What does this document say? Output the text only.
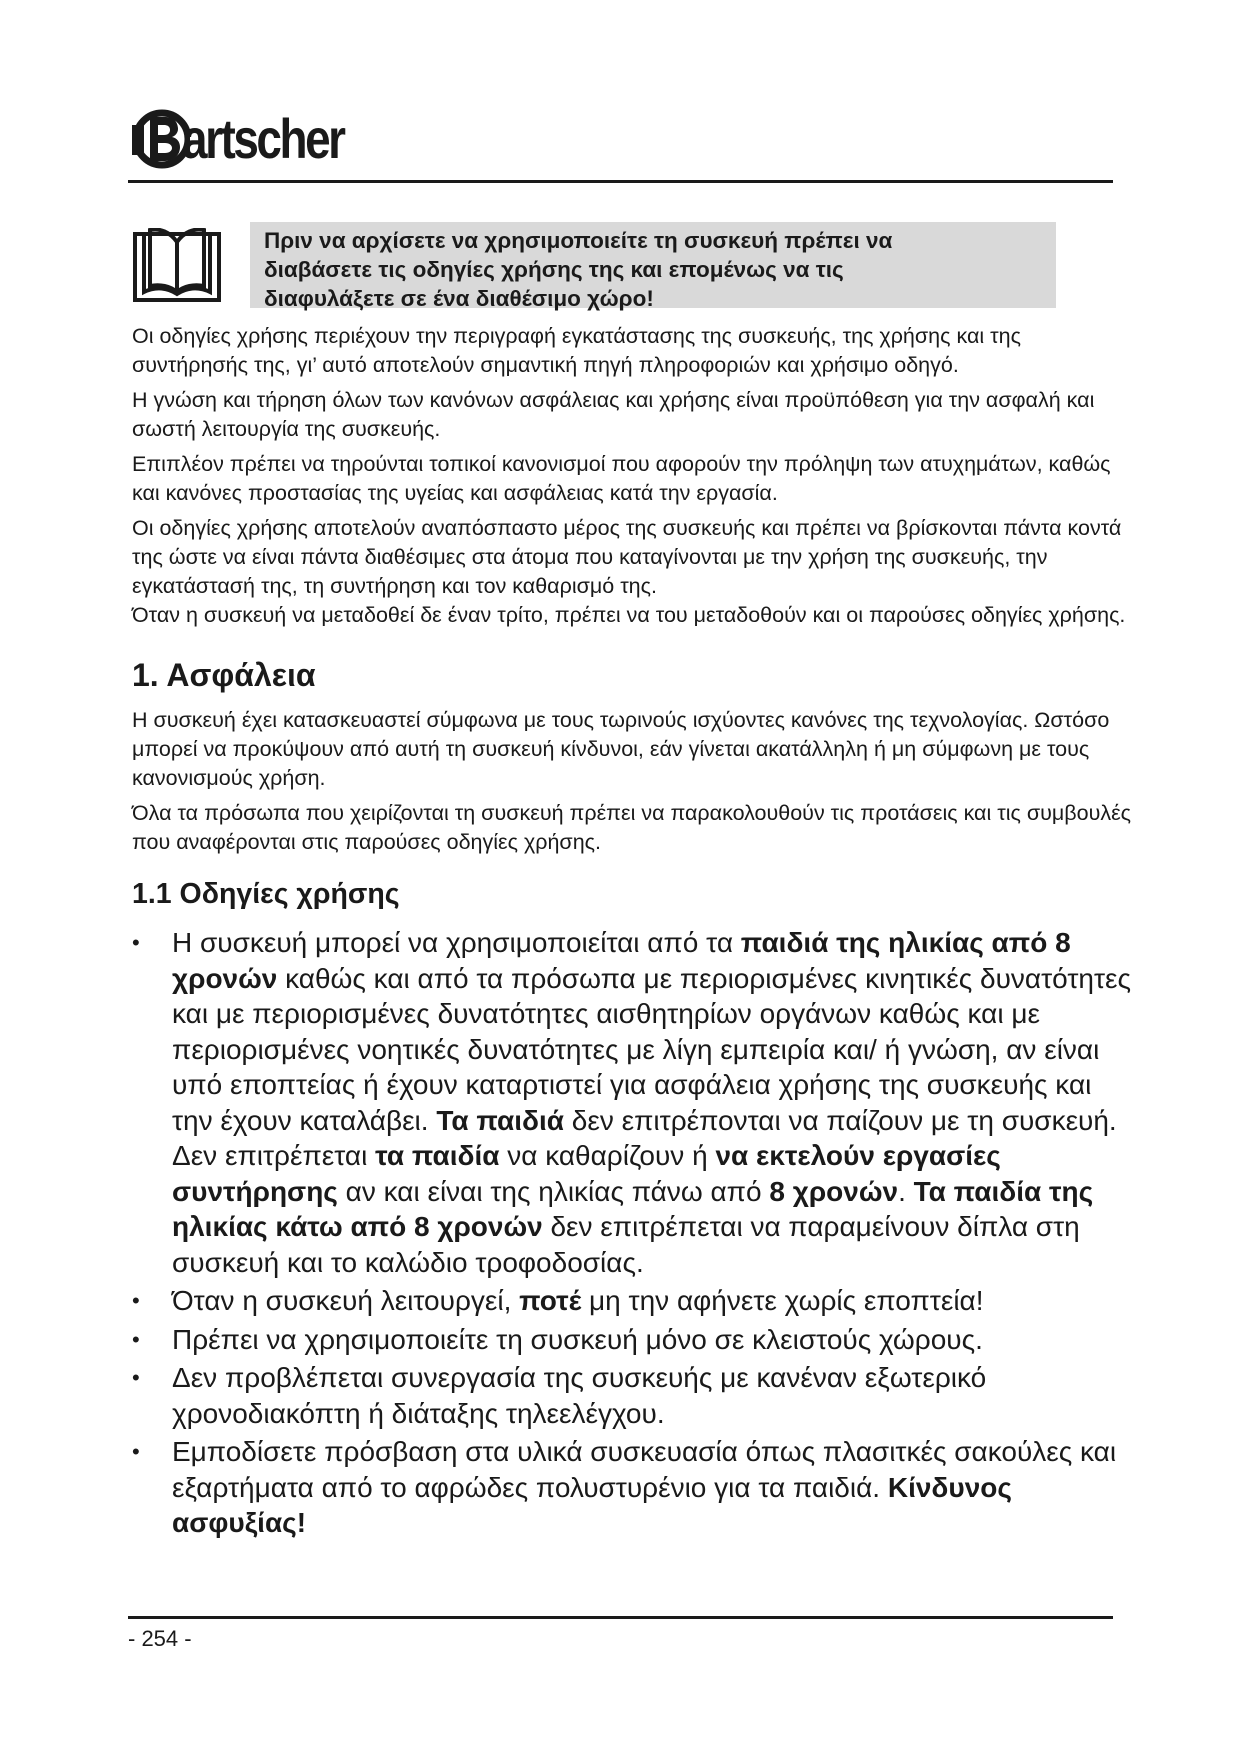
artscher
Πριν να αρχίσετε να χρησιμοποιείτε τη συσκευή πρέπει να
διαβάσετε τις οδηγίες χρήσης της και επομένως να τις
διαφυλάξετε σε ένα διαθέσιμο χώρο!

Οι οδηγίες χρήσης περιέχουν την περιγραφή εγκατάστασης της συσκευής, της χρήσης και της συντήρησής της, γι’ αυτό αποτελούν σημαντική πηγή πληροφοριών και χρήσιμο οδηγό.

Η γνώση και τήρηση όλων των κανόνων ασφάλειας και χρήσης είναι προϋπόθεση για την ασφαλή και σωστή λειτουργία της συσκευής.

Επιπλέον πρέπει να τηρούνται τοπικοί κανονισμοί που αφορούν την πρόληψη των ατυχημάτων, καθώς και κανόνες προστασίας της υγείας και ασφάλειας κατά την εργασία.

Οι οδηγίες χρήσης αποτελούν αναπόσπαστο μέρος της συσκευής και πρέπει να βρίσκονται πάντα κοντά της ώστε να είναι πάντα διαθέσιμες στα άτομα που καταγίνονται με την χρήση της συσκευής, την εγκατάστασή της, τη συντήρηση και τον καθαρισμό της.

Όταν η συσκευή να μεταδοθεί δε έναν τρίτο, πρέπει να του μεταδοθούν και οι παρούσες οδηγίες χρήσης.

1. Ασφάλεια

Η συσκευή έχει κατασκευαστεί σύμφωνα με τους τωρινούς ισχύοντες κανόνες της τεχνολογίας. Ωστόσο μπορεί να προκύψουν από αυτή τη συσκευή κίνδυνοι, εάν γίνεται ακατάλληλη ή μη σύμφωνη με τους κανονισμούς χρήση.

Όλα τα πρόσωπα που χειρίζονται τη συσκευή πρέπει να παρακολουθούν τις προτάσεις και τις συμβουλές που αναφέρονται στις παρούσες οδηγίες χρήσης.

1.1 Οδηγίες χρήσης
• Η συσκευή μπορεί να χρησιμοποιείται από τα παιδιά της ηλικίας από 8 χρονών καθώς και από τα πρόσωπα με περιορισμένες κινητικές δυνατότητες και με περιορισμένες δυνατότητες αισθητηρίων οργάνων καθώς και με περιορισμένες νοητικές δυνατότητες με λίγη εμπειρία και/ ή γνώση, αν είναι υπό εποπτείας ή έχουν καταρτιστεί για ασφάλεια χρήσης της συσκευής και την έχουν καταλάβει. Τα παιδιά δεν επιτρέπονται να παίζουν με τη συσκευή. Δεν επιτρέπεται τα παιδία να καθαρίζουν ή να εκτελούν εργασίες συντήρησης αν και είναι της ηλικίας πάνω από 8 χρονών. Τα παιδία της ηλικίας κάτω από 8 χρονών δεν επιτρέπεται να παραμείνουν δίπλα στη συσκευή και το καλώδιο τροφοδοσίας.
• Όταν η συσκευή λειτουργεί, ποτέ μη την αφήνετε χωρίς εποπτεία!
• Πρέπει να χρησιμοποιείτε τη συσκευή μόνο σε κλειστούς χώρους.
• Δεν προβλέπεται συνεργασία της συσκευής με κανέναν εξωτερικό χρονοδιακόπτη ή διάταξης τηλεελέγχου.
• Εμποδίσετε πρόσβαση στα υλικά συσκευασία όπως πλασιτκές σακούλες και εξαρτήματα από το αφρώδες πολυστυρένιο για τα παιδιά. Κίνδυνος ασφυξίας!
- 254 -
